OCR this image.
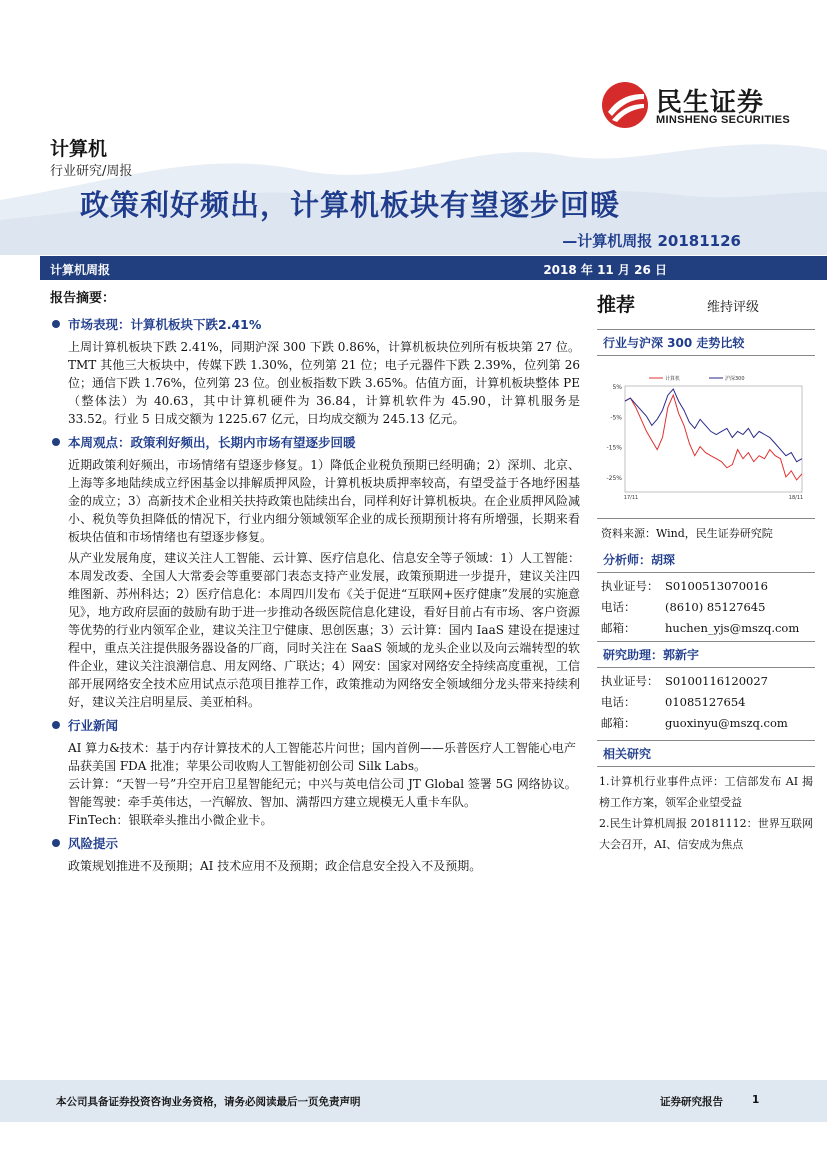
民生证券
MINSHENG SECURITIES
计算机
行业研究/周报
政策利好频出，计算机板块有望逐步回暖
—计算机周报 20181126
计算机周报	2018 年 11 月 26 日
报告摘要：
市场表现：计算机板块下跌2.41%

上周计算机板块下跌 2.41%，同期沪深 300 下跌 0.86%，计算机板块位列所有板块第 27 位。TMT 其他三大板块中，传媒下跌 1.30%，位列第 21 位；电子元器件下跌 2.39%，位列第 26 位；通信下跌 1.76%，位列第 23 位。创业板指数下跌 3.65%。估值方面，计算机板块整体 PE（整体法）为 40.63，其中计算机硬件为 36.84，计算机软件为 45.90，计算机服务是 33.52。行业 5 日成交额为 1225.67 亿元，日均成交额为 245.13 亿元。

本周观点：政策利好频出，长期内市场有望逐步回暖

近期政策利好频出，市场情绪有望逐步修复。1）降低企业税负预期已经明确；2）深圳、北京、上海等多地陆续成立纾困基金以排解质押风险，计算机板块质押率较高，有望受益于各地纾困基金的成立；3）高新技术企业相关扶持政策也陆续出台，同样利好计算机板块。在企业质押风险减小、税负等负担降低的情况下，行业内细分领域领军企业的成长预期预计将有所增强，长期来看板块估值和市场情绪也有望逐步修复。

从产业发展角度，建议关注人工智能、云计算、医疗信息化、信息安全等子领域：1）人工智能：本周发改委、全国人大常委会等重要部门表态支持产业发展，政策预期进一步提升，建议关注四维图新、苏州科达；2）医疗信息化：本周四川发布《关于促进“互联网+医疗健康”发展的实施意见》，地方政府层面的鼓励有助于进一步推动各级医院信息化建设，看好目前占有市场、客户资源等优势的行业内领军企业，建议关注卫宁健康、思创医惠；3）云计算：国内 IaaS 建设在提速过程中，重点关注提供服务器设备的厂商，同时关注在 SaaS 领域的龙头企业以及向云端转型的软件企业，建议关注浪潮信息、用友网络、广联达；4）网安：国家对网络安全持续高度重视，工信部开展网络安全技术应用试点示范项目推荐工作，政策推动为网络安全领域细分龙头带来持续利好，建议关注启明星辰、美亚柏科。

行业新闻

AI 算力&技术：基于内存计算技术的人工智能芯片问世；国内首例——乐普医疗人工智能心电产品获美国 FDA 批准；苹果公司收购人工智能初创公司 Silk Labs。

云计算：“天智一号”升空开启卫星智能纪元；中兴与英电信公司 JT Global 签署 5G 网络协议。

智能驾驶：牵手英伟达，一汽解放、智加、满帮四方建立规模无人重卡车队。

FinTech：银联牵头推出小微企业卡。

风险提示

政策规划推进不及预期；AI 技术应用不及预期；政企信息安全投入不及预期。

推荐	维持评级
行业与沪深 300 走势比较
5%
-5%
-15%
-25%
17/11	18/11
计算机	沪深300
资料来源：Wind，民生证券研究院
分析师：胡琛
执业证号： S0100513070016
电话：	(8610) 85127645
邮箱：	huchen_yjs@mszq.com
研究助理：郭新宇
执业证号： S0100116120027
电话：	01085127654
邮箱：	guoxinyu@mszq.com
相关研究

1.计算机行业事件点评：工信部发布 AI 揭榜工作方案，领军企业望受益

2.民生计算机周报 20181112：世界互联网大会召开，AI、信安成为焦点

本公司具备证券投资咨询业务资格，请务必阅读最后一页免责声明	证券研究报告	1
